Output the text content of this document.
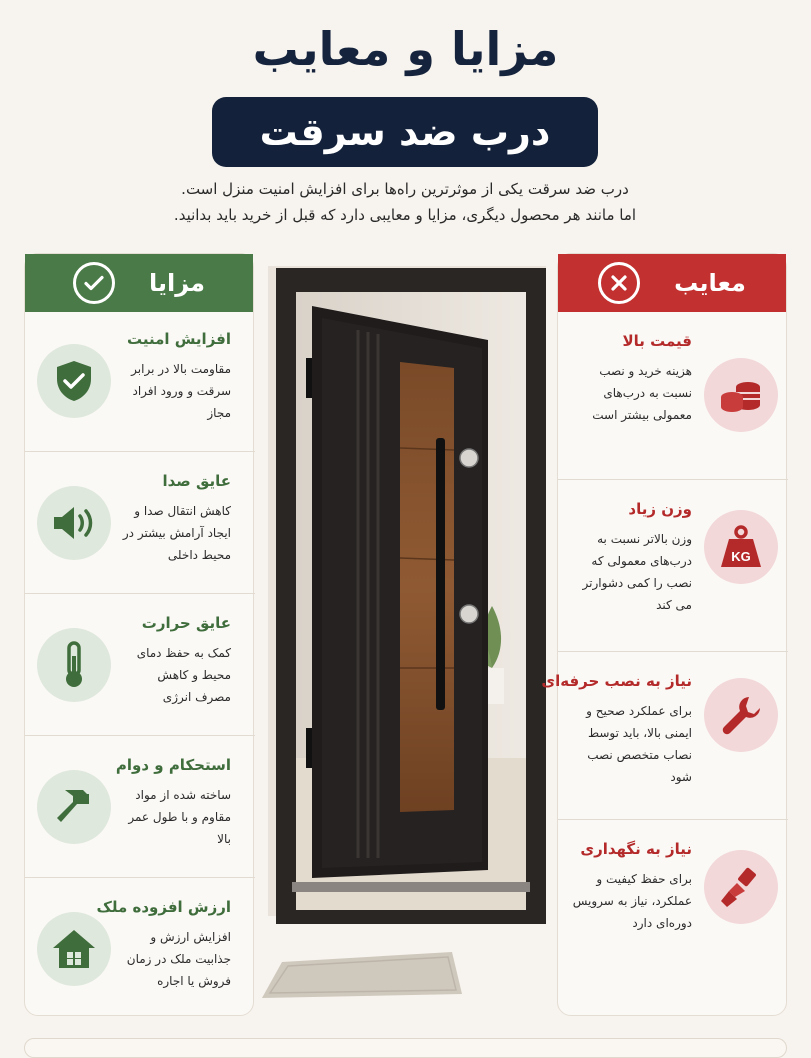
مزایا و معایب
درب ضد سرقت
درب ضد سرقت یکی از موثرترین راه‌ها برای افزایش امنیت منزل است.
اما مانند هر محصول دیگری، مزایا و معایبی دارد که قبل از خرید باید بدانید.
مزایا
افزایش امنیت
مقاومت بالا در برابر سرقت و ورود افراد مجاز
عایق صدا
کاهش انتقال صدا و ایجاد آرامش بیشتر در محیط داخلی
عایق حرارت
کمک به حفظ دمای محیط و کاهش مصرف انرژی
استحکام و دوام
ساخته شده از مواد مقاوم و با طول عمر بالا
ارزش افزوده ملک
افزایش ارزش و جذابیت ملک در زمان فروش یا اجاره
معایب
قیمت بالا
هزینه خرید و نصب نسبت به درب‌های معمولی بیشتر است
KG
وزن زیاد
وزن بالاتر نسبت به درب‌های معمولی که نصب را کمی دشوارتر می کند
نیاز به نصب حرفه‌ای
برای عملکرد صحیح و ایمنی بالا، باید توسط نصاب متخصص نصب شود
نیاز به نگهداری
برای حفظ کیفیت و عملکرد، نیاز به سرویس دوره‌ای دارد
